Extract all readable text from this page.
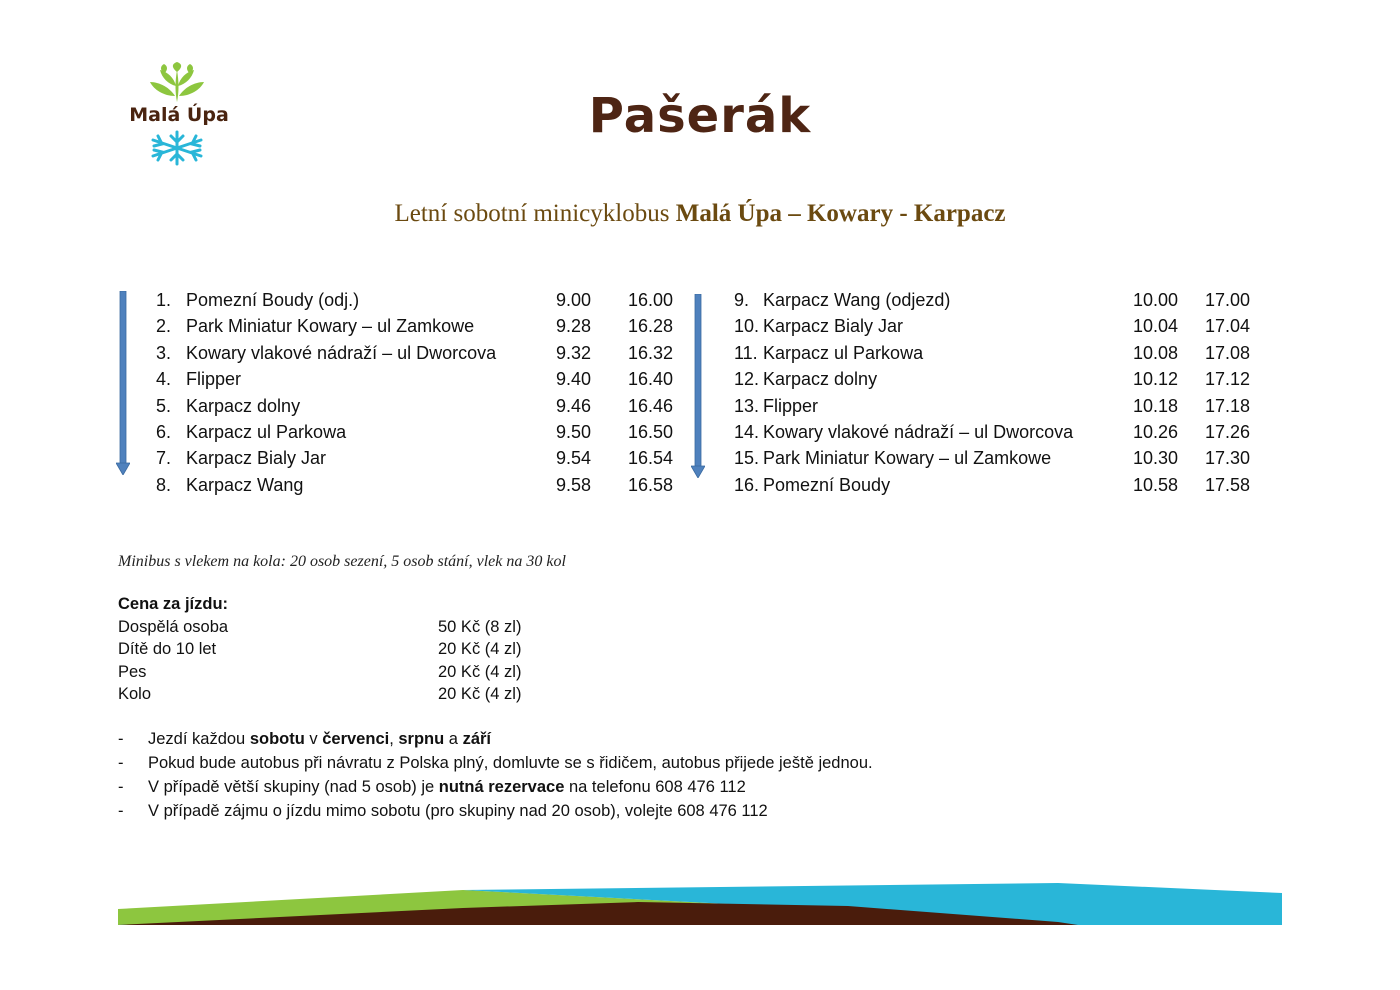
Malá Úpa	Pašerák
Letní sobotní minicyklobus Malá Úpa – Kowary - Karpacz
1. Pomezní Boudy (odj.)	9.00	16.00
2. Park Miniatur Kowary – ul Zamkowe	9.28	16.28
3. Kowary vlakové nádraží – ul Dworcova	9.32	16.32
4. Flipper	9.40	16.40
5. Karpacz dolny	9.46	16.46
6. Karpacz ul Parkowa	9.50	16.50
7. Karpacz Bialy Jar	9.54	16.54
8. Karpacz Wang	9.58	16.58
9. Karpacz Wang (odjezd)	10.00	17.00
10. Karpacz Bialy Jar	10.04	17.04
11. Karpacz ul Parkowa	10.08	17.08
12. Karpacz dolny	10.12	17.12
13. Flipper	10.18	17.18
14. Kowary vlakové nádraží – ul Dworcova	10.26	17.26
15. Park Miniatur Kowary – ul Zamkowe	10.30	17.30
16. Pomezní Boudy	10.58	17.58
Minibus s vlekem na kola: 20 osob sezení, 5 osob stání, vlek na 30 kol
Cena za jízdu:
Dospělá osoba	50 Kč (8 zl)
Dítě do 10 let	20 Kč (4 zl)
Pes	20 Kč (4 zl)
Kolo	20 Kč (4 zl)
-	Jezdí každou sobotu v červenci, srpnu a září
-	Pokud bude autobus při návratu z Polska plný, domluvte se s řidičem, autobus přijede ještě jednou.
-	V případě větší skupiny (nad 5 osob) je nutná rezervace na telefonu 608 476 112
-	V případě zájmu o jízdu mimo sobotu (pro skupiny nad 20 osob), volejte 608 476 112
